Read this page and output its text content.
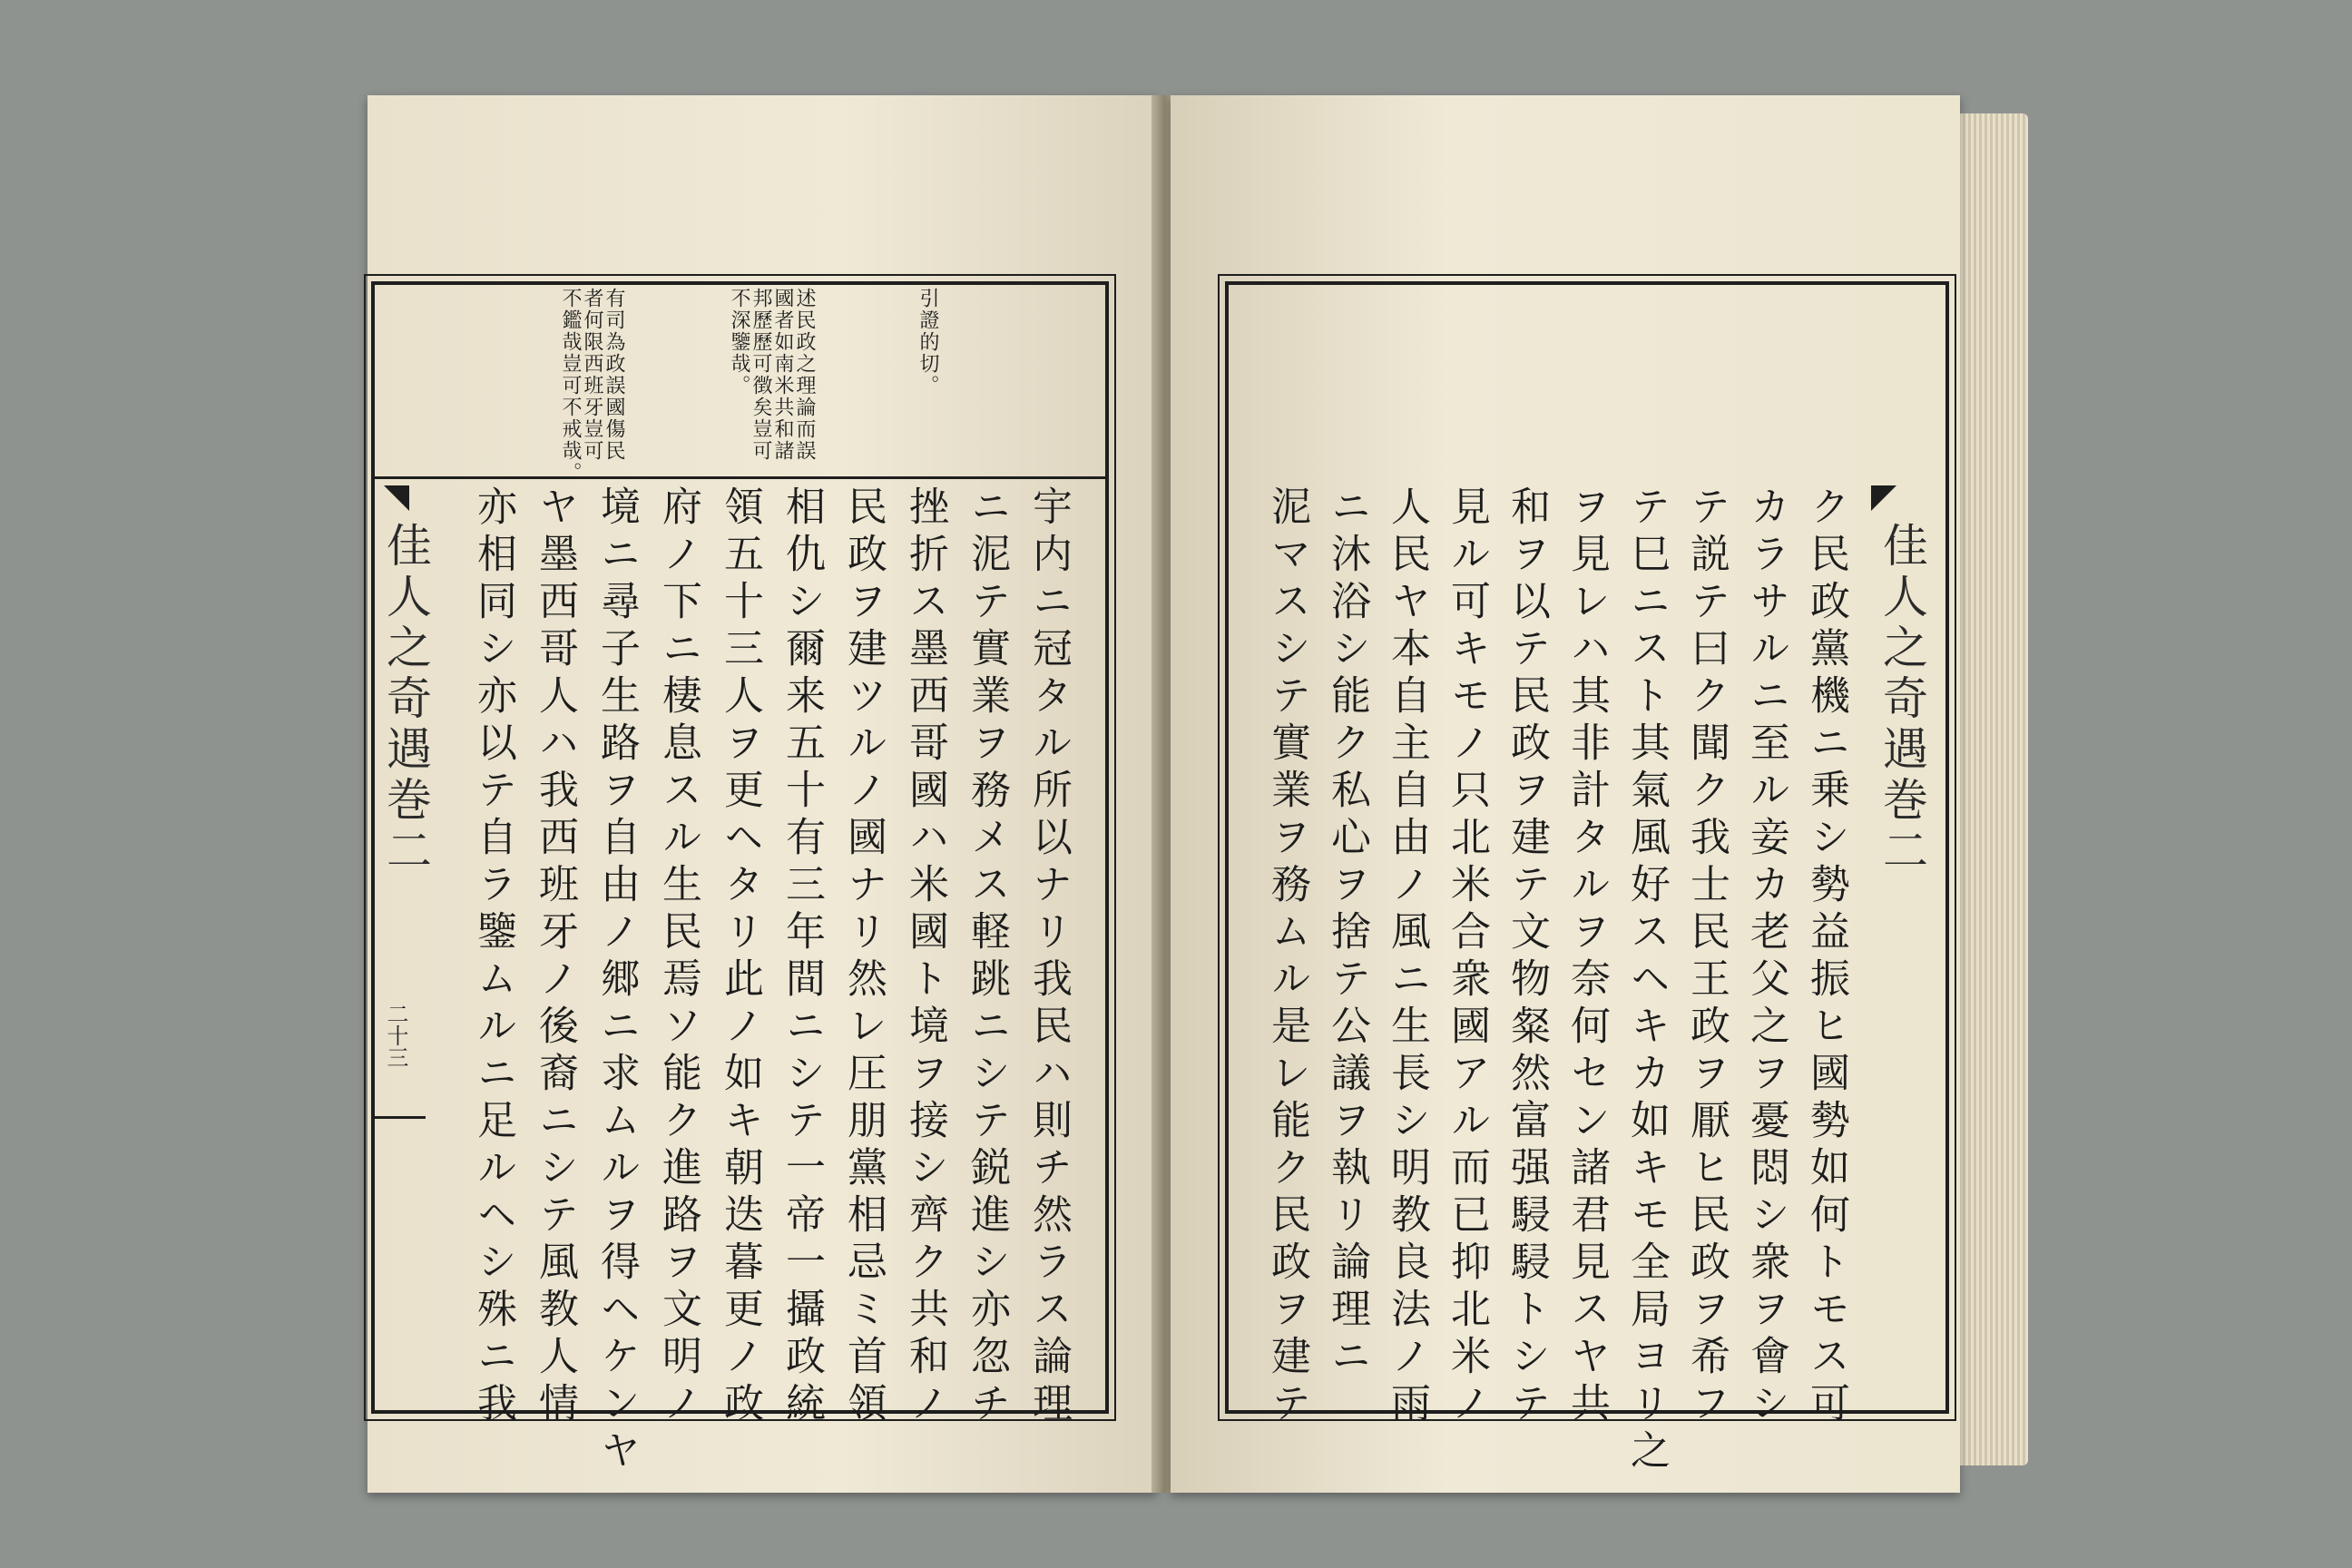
引證的切。
述民政之理論而誤
國者如南米共和諸
邦歷歷可徴矣豈可
不深鑒哉。
有司為政誤國傷民
者何限西班牙豈可
不鑑哉豈可不戒哉。
宇内ニ冠タル所以ナリ我民ハ則チ然ラス論理
ニ泥テ實業ヲ務メス軽跳ニシテ鋭進シ亦忽チ
挫折ス墨西哥國ハ米國ト境ヲ接シ齊ク共和ノ
民政ヲ建ツルノ國ナリ然レ圧朋黨相忌ミ首領
相仇シ爾来五十有三年間ニシテ一帝一攝政統
領五十三人ヲ更ヘタリ此ノ如キ朝迭暮更ノ政
府ノ下ニ棲息スル生民焉ソ能ク進路ヲ文明ノ
境ニ尋子生路ヲ自由ノ郷ニ求ムルヲ得ヘケンヤ
ヤ墨西哥人ハ我西班牙ノ後裔ニシテ風教人情
亦相同シ亦以テ自ラ鑒ムルニ足ルヘシ殊ニ我
佳人之奇遇巻二
二十三	ク民政黨機ニ乗シ勢益振ヒ國勢如何トモス可
カラサルニ至ル妾カ老父之ヲ憂悶シ衆ヲ會シ
テ説テ曰ク聞ク我士民王政ヲ厭ヒ民政ヲ希フ
テ巳ニスト其氣風好スヘキカ如キモ全局ヨリ之
ヲ見レハ其非計タルヲ奈何セン諸君見スヤ共
和ヲ以テ民政ヲ建テ文物粲然富强駸駸トシテ
見ル可キモノ只北米合衆國アル而已抑北米ノ
人民ヤ本自主自由ノ風ニ生長シ明教良法ノ雨
ニ沐浴シ能ク私心ヲ捨テ公議ヲ執リ論理ニ
泥マスシテ實業ヲ務ムル是レ能ク民政ヲ建テ	佳人之奇遇巻二
